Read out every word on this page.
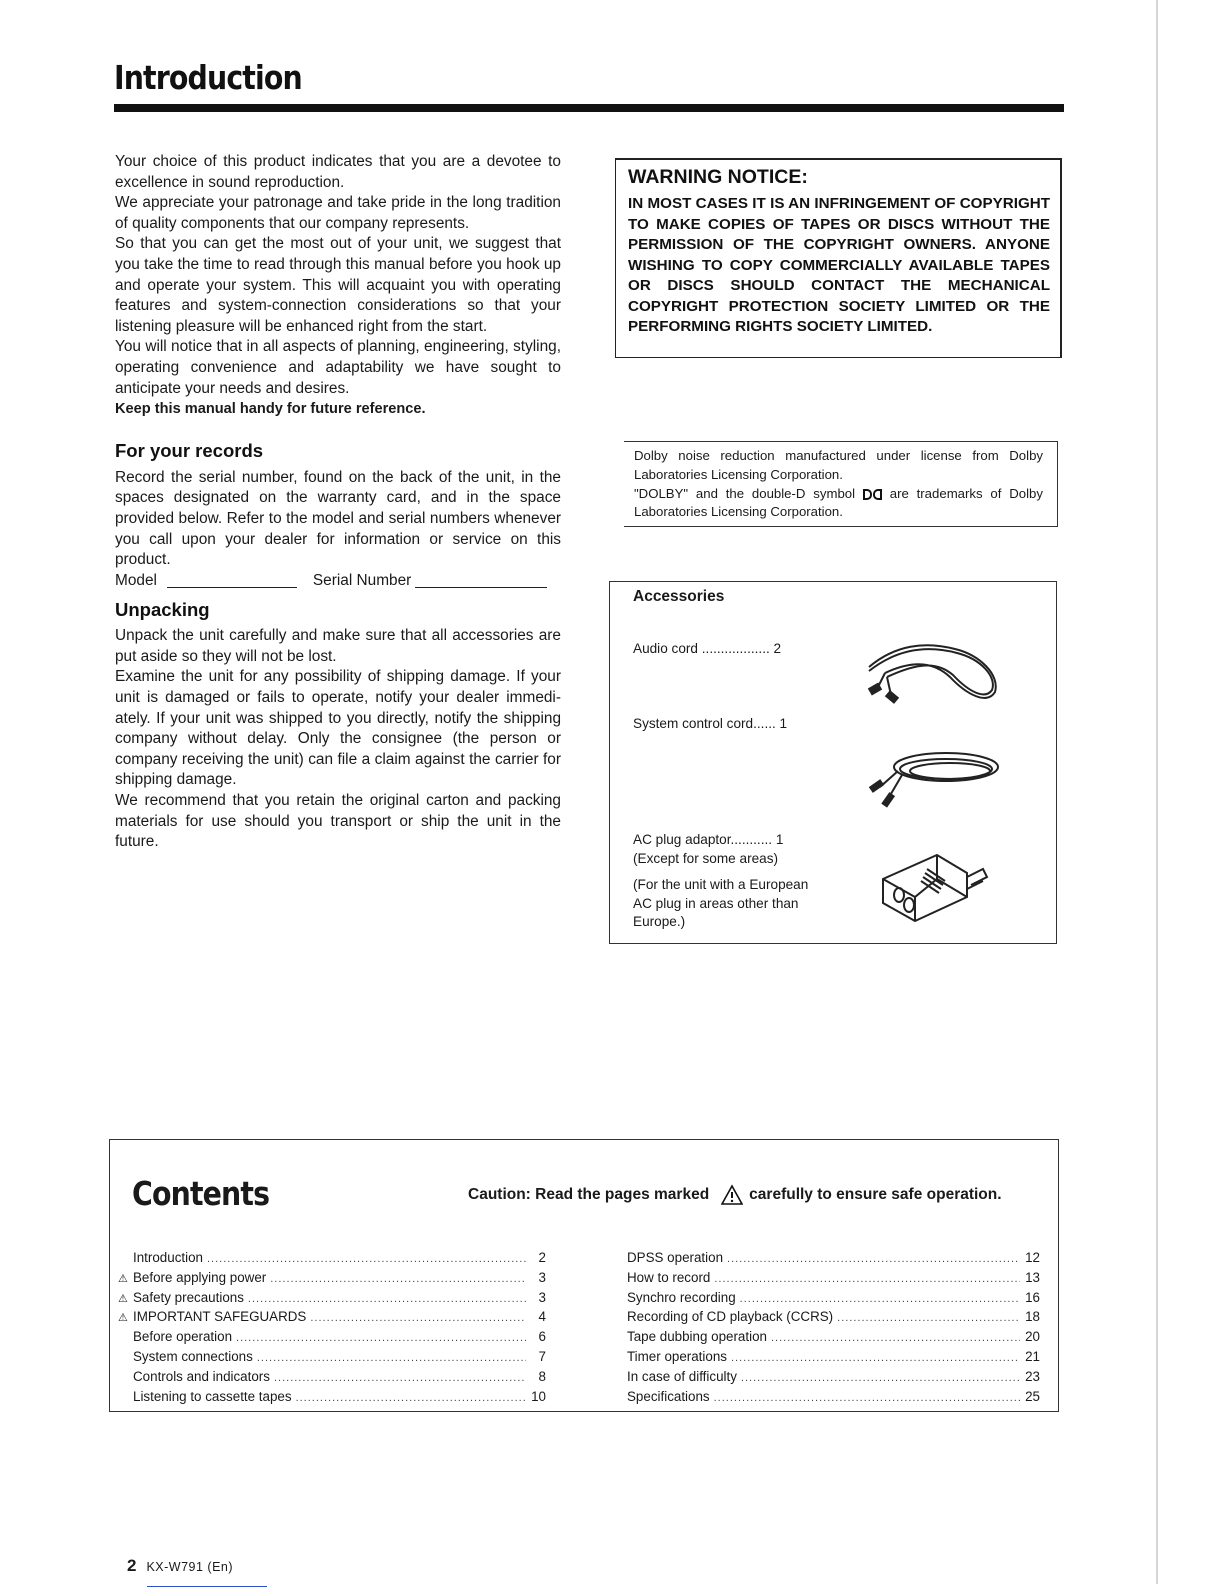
Introduction

Your choice of this product indicates that you are a devotee to excellence in sound reproduction.

We appreciate your patronage and take pride in the long tradition of quality components that our company represents.

So that you can get the most out of your unit, we suggest that you take the time to read through this manual before you hook up and operate your system. This will acquaint you with operating features and system-connection considerations so that your listening pleasure will be enhanced right from the start.

You will notice that in all aspects of planning, engineering, styling, operating convenience and adaptability we have sought to anticipate your needs and desires.

Keep this manual handy for future reference.

For your records

Record the serial number, found on the back of the unit, in the spaces designated on the warranty card, and in the space provided below. Refer to the model and serial numbers whenever you call upon your dealer for information or service on this product.

Model	Serial Number
Unpacking

Unpack the unit carefully and make sure that all accessories are put aside so they will not be lost.

Examine the unit for any possibility of shipping damage. If your unit is damaged or fails to operate, notify your dealer immediately. If your unit was shipped to you directly, notify the shipping company without delay. Only the consignee (the person or company receiving the unit) can file a claim against the carrier for shipping damage.

We recommend that you retain the original carton and packing materials for use should you transport or ship the unit in the future.

WARNING NOTICE:

IN MOST CASES IT IS AN INFRINGEMENT OF COPYRIGHT TO MAKE COPIES OF TAPES OR DISCS WITHOUT THE PERMISSION OF THE COPYRIGHT OWNERS. ANYONE WISHING TO COPY COMMERCIALLY AVAILABLE TAPES OR DISCS SHOULD CONTACT THE MECHANICAL COPYRIGHT PROTECTION SOCIETY LIMITED OR THE PERFORMING RIGHTS SOCIETY LIMITED.

Dolby noise reduction manufactured under license from Dolby Laboratories Licensing Corporation.
"DOLBY" and the double-D symbol	are trademarks of Dolby Laboratories Licensing Corporation.
Accessories
Audio cord .................. 2
System control cord...... 1
AC plug adaptor........... 1
(Except for some areas)
(For the unit with a European AC plug in areas other than Europe.)
Contents	Caution: Read the pages marked	carefully to ensure safe operation.
Introduction .....	2
⚠ Before applying power .....	3
⚠ Safety precautions .....	3
⚠ IMPORTANT SAFEGUARDS .....	4
Before operation .....	6
System connections .....	7
Controls and indicators .....	8
Listening to cassette tapes .....	10
DPSS operation .....	12
How to record .....	13
Synchro recording .....	16
Recording of CD playback (CCRS) .....	18
Tape dubbing operation .....	20
Timer operations .....	21
In case of difficulty .....	23
Specifications .....	25
2 KX-W791 (En)
